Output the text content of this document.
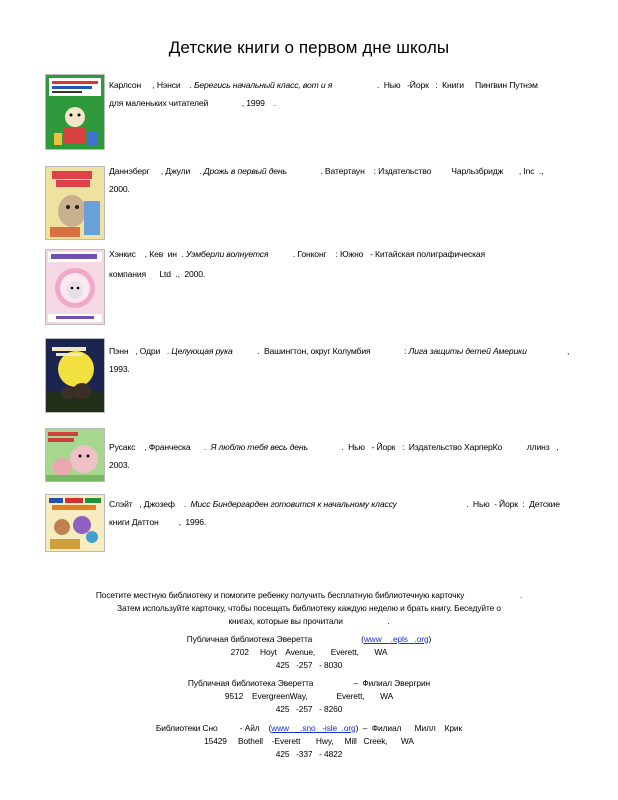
Детские книги о первом дне школы
Карлсон     , Нэнси    . Берегись начальный класс, вот и я                    .  Нью   -Йорк   :  Книги     Пингвин Путнэм
для маленьких читателей               , 1999    .
Даннэберг     , Джули    . Дрожь в первый день               . Ватертаун    : Издательство         Чарльзбридж       , Inc  .,
2000.
Хэнкис    , Кев  ин  . Уэмберли волнуется           . Гонконг    : Южно   - Китайская полиграфическая
компания      Ltd  .,  2000.
Пэнн   , Одри   . Целующая рука           .  Вашингтон, округ Колумбия               : Лига защиты детей Америки                  ,
1993.
Русакс    , Франческа      .  Я люблю тебя весь день               .  Нью   - Йорк   :  Издательство ХарперКо           ллинз   ,
2003.
Слэйт   , Джозеф    .  Мисс Биндергарден готовится к начальному классу                               .  Нью  - Йорк  :  Детские
книги Даттон         ,  1996.
Посетите местную библиотеку и помогите ребенку получить бесплатную библиотечную карточку                         .
Затем используйте карточку, чтобы посещать библиотеку каждую неделю и брать книгу. Беседуйте о
книгах, которые вы прочитали                    .
Публичная библиотека Эверетта                      (www    .epls   .org)
2702     Hoyt    Avenue,       Everett,       WA
425   -257   - 8030
Публичная библиотека Эверетта                  –  Филиал Эвергрин
9512    EvergreenWay,             Everett,       WA
425   -257   - 8260
Библиотеки Сно          - Айл    (www     .sno   -isle  .org)  –  Филиал      Милл    Крик
15429     Bothell    -Everett       Hwy,     Mill   Creek,      WA
425   -337   - 4822
